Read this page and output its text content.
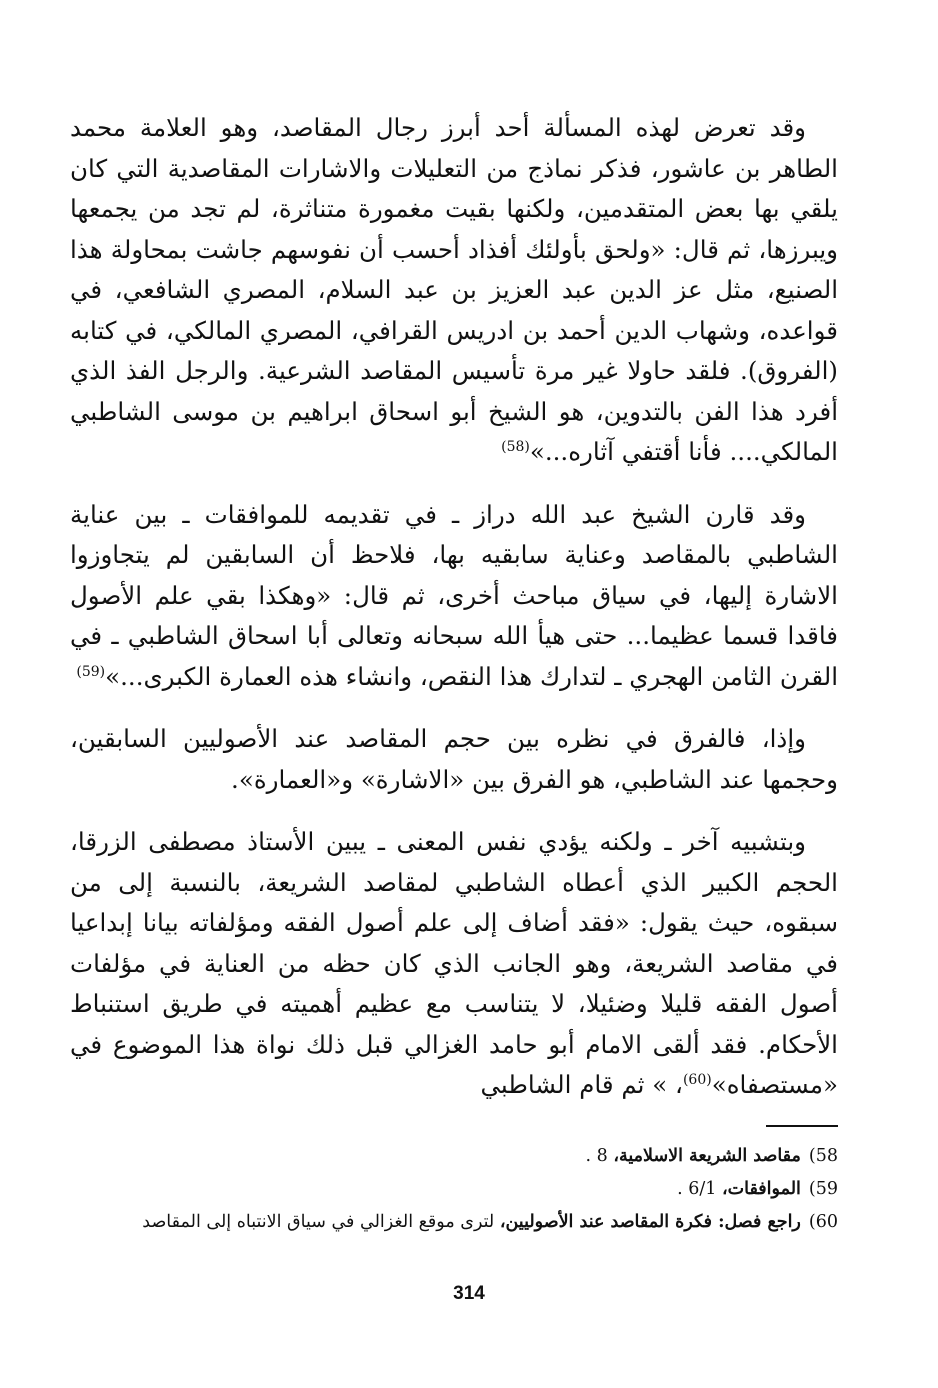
وقد تعرض لهذه المسألة أحد أبرز رجال المقاصد، وهو العلامة محمد الطاهر بن عاشور، فذكر نماذج من التعليلات والاشارات المقاصدية التي كان يلقي بها بعض المتقدمين، ولكنها بقيت مغمورة متناثرة، لم تجد من يجمعها ويبرزها، ثم قال: «ولحق بأولئك أفذاد أحسب أن نفوسهم جاشت بمحاولة هذا الصنيع، مثل عز الدين عبد العزيز بن عبد السلام، المصري الشافعي، في قواعده، وشهاب الدين أحمد بن ادريس القرافي، المصري المالكي، في كتابه (الفروق). فلقد حاولا غير مرة تأسيس المقاصد الشرعية. والرجل الفذ الذي أفرد هذا الفن بالتدوين، هو الشيخ أبو اسحاق ابراهيم بن موسى الشاطبي المالكي.... فأنا أقتفي آثاره...»$^{(58)}$

وقد قارن الشيخ عبد الله دراز ـ في تقديمه للموافقات ـ بين عناية الشاطبي بالمقاصد وعناية سابقيه بها، فلاحظ أن السابقين لم يتجاوزوا الاشارة إليها، في سياق مباحث أخرى، ثم قال: «وهكذا بقي علم الأصول فاقدا قسما عظيما... حتى هيأ الله سبحانه وتعالى أبا اسحاق الشاطبي ـ في القرن الثامن الهجري ـ لتدارك هذا النقص، وانشاء هذه العمارة الكبرى...»$^{(59)}$

وإذا، فالفرق في نظره بين حجم المقاصد عند الأصوليين السابقين، وحجمها عند الشاطبي، هو الفرق بين «الاشارة» و«العمارة».

وبتشبيه آخر ـ ولكنه يؤدي نفس المعنى ـ يبين الأستاذ مصطفى الزرقا، الحجم الكبير الذي أعطاه الشاطبي لمقاصد الشريعة، بالنسبة إلى من سبقوه، حيث يقول: «فقد أضاف إلى علم أصول الفقه ومؤلفاته بيانا إبداعيا في مقاصد الشريعة، وهو الجانب الذي كان حظه من العناية في مؤلفات أصول الفقه قليلا وضئيلا، لا يتناسب مع عظيم أهميته في طريق استنباط الأحكام. فقد ألقى الامام أبو حامد الغزالي قبل ذلك نواة هذا الموضوع في «مستصفاه»$^{(60)}$، » ثم قام الشاطبي

58)مقاصد الشريعة الاسلامية، 8 .
59)الموافقات، 6/1 .
60)راجع فصل: فكرة المقاصد عند الأصوليين، لترى موقع الغزالي في سياق الانتباه إلى المقاصد
314
